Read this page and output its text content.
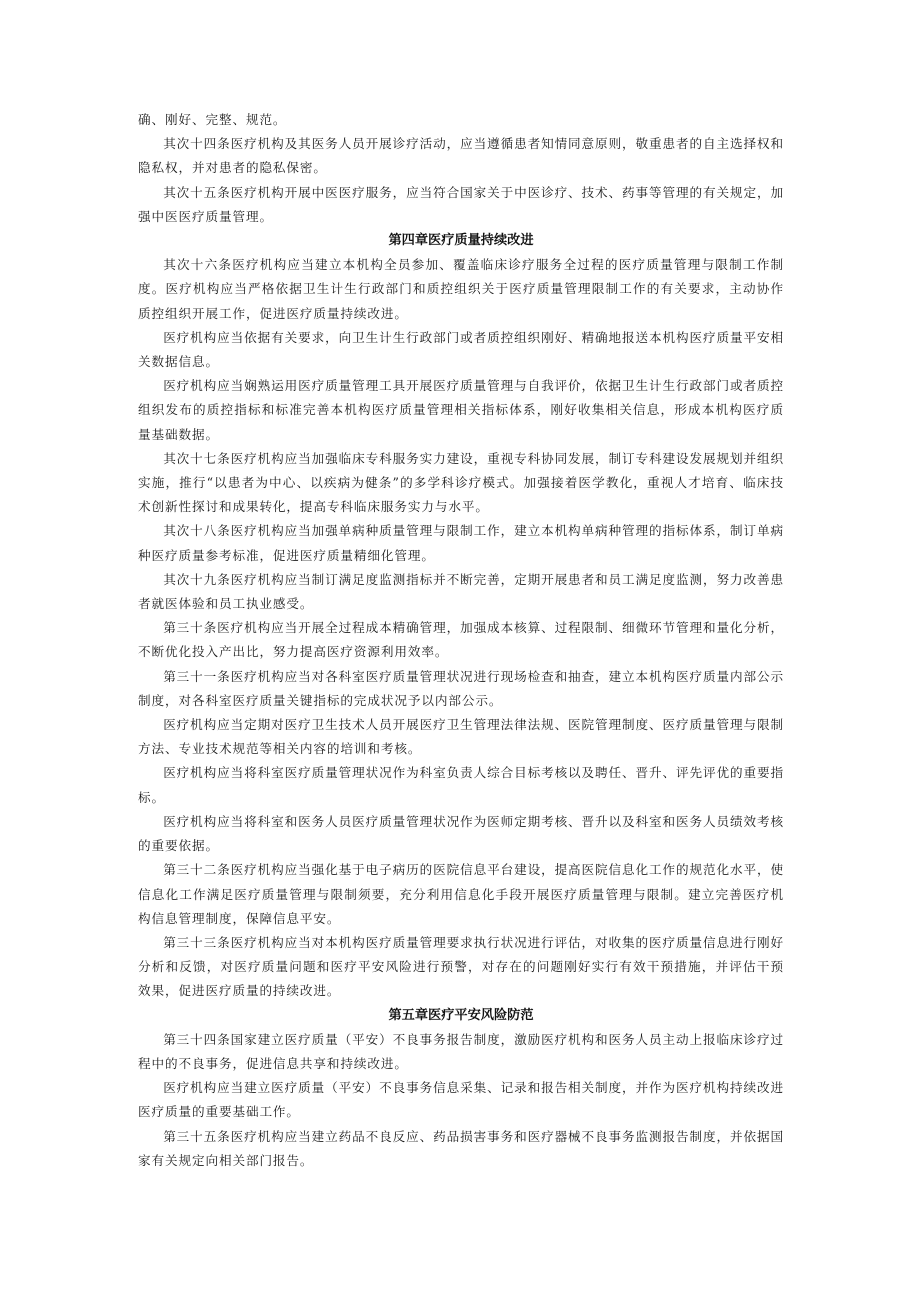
确、刚好、完整、规范。

其次十四条医疗机构及其医务人员开展诊疗活动，应当遵循患者知情同意原则，敬重患者的自主选择权和隐私权，并对患者的隐私保密。

其次十五条医疗机构开展中医医疗服务，应当符合国家关于中医诊疗、技术、药事等管理的有关规定，加强中医医疗质量管理。

第四章医疗质量持续改进

其次十六条医疗机构应当建立本机构全员参加、覆盖临床诊疗服务全过程的医疗质量管理与限制工作制度。医疗机构应当严格依据卫生计生行政部门和质控组织关于医疗质量管理限制工作的有关要求，主动协作质控组织开展工作，促进医疗质量持续改进。

医疗机构应当依据有关要求，向卫生计生行政部门或者质控组织刚好、精确地报送本机构医疗质量平安相关数据信息。

医疗机构应当娴熟运用医疗质量管理工具开展医疗质量管理与自我评价，依据卫生计生行政部门或者质控组织发布的质控指标和标准完善本机构医疗质量管理相关指标体系，刚好收集相关信息，形成本机构医疗质量基础数据。

其次十七条医疗机构应当加强临床专科服务实力建设，重视专科协同发展，制订专科建设发展规划并组织实施，推行“以患者为中心、以疾病为健条”的多学科诊疗模式。加强接着医学教化，重视人才培育、临床技术创新性探讨和成果转化，提高专科临床服务实力与水平。

其次十八条医疗机构应当加强单病种质量管理与限制工作，建立本机构单病种管理的指标体系，制订单病种医疗质量参考标准，促进医疗质量精细化管理。

其次十九条医疗机构应当制订满足度监测指标并不断完善，定期开展患者和员工满足度监测，努力改善患者就医体验和员工执业感受。

第三十条医疗机构应当开展全过程成本精确管理，加强成本核算、过程限制、细微环节管理和量化分析，不断优化投入产出比，努力提高医疗资源利用效率。

第三十一条医疗机构应当对各科室医疗质量管理状况进行现场检查和抽查，建立本机构医疗质量内部公示制度，对各科室医疗质量关键指标的完成状况予以内部公示。

医疗机构应当定期对医疗卫生技术人员开展医疗卫生管理法律法规、医院管理制度、医疗质量管理与限制方法、专业技术规范等相关内容的培训和考核。

医疗机构应当将科室医疗质量管理状况作为科室负责人综合目标考核以及聘任、晋升、评先评优的重要指标。

医疗机构应当将科室和医务人员医疗质量管理状况作为医师定期考核、晋升以及科室和医务人员绩效考核的重要依据。

第三十二条医疗机构应当强化基于电子病历的医院信息平台建设，提高医院信息化工作的规范化水平，使信息化工作满足医疗质量管理与限制须要，充分利用信息化手段开展医疗质量管理与限制。建立完善医疗机构信息管理制度，保障信息平安。

第三十三条医疗机构应当对本机构医疗质量管理要求执行状况进行评估，对收集的医疗质量信息进行刚好分析和反馈，对医疗质量问题和医疗平安风险进行预警，对存在的问题刚好实行有效干预措施，并评估干预效果，促进医疗质量的持续改进。

第五章医疗平安风险防范

第三十四条国家建立医疗质量（平安）不良事务报告制度，激励医疗机构和医务人员主动上报临床诊疗过程中的不良事务，促进信息共享和持续改进。

医疗机构应当建立医疗质量（平安）不良事务信息采集、记录和报告相关制度，并作为医疗机构持续改进医疗质量的重要基础工作。

第三十五条医疗机构应当建立药品不良反应、药品损害事务和医疗器械不良事务监测报告制度，并依据国家有关规定向相关部门报告。
